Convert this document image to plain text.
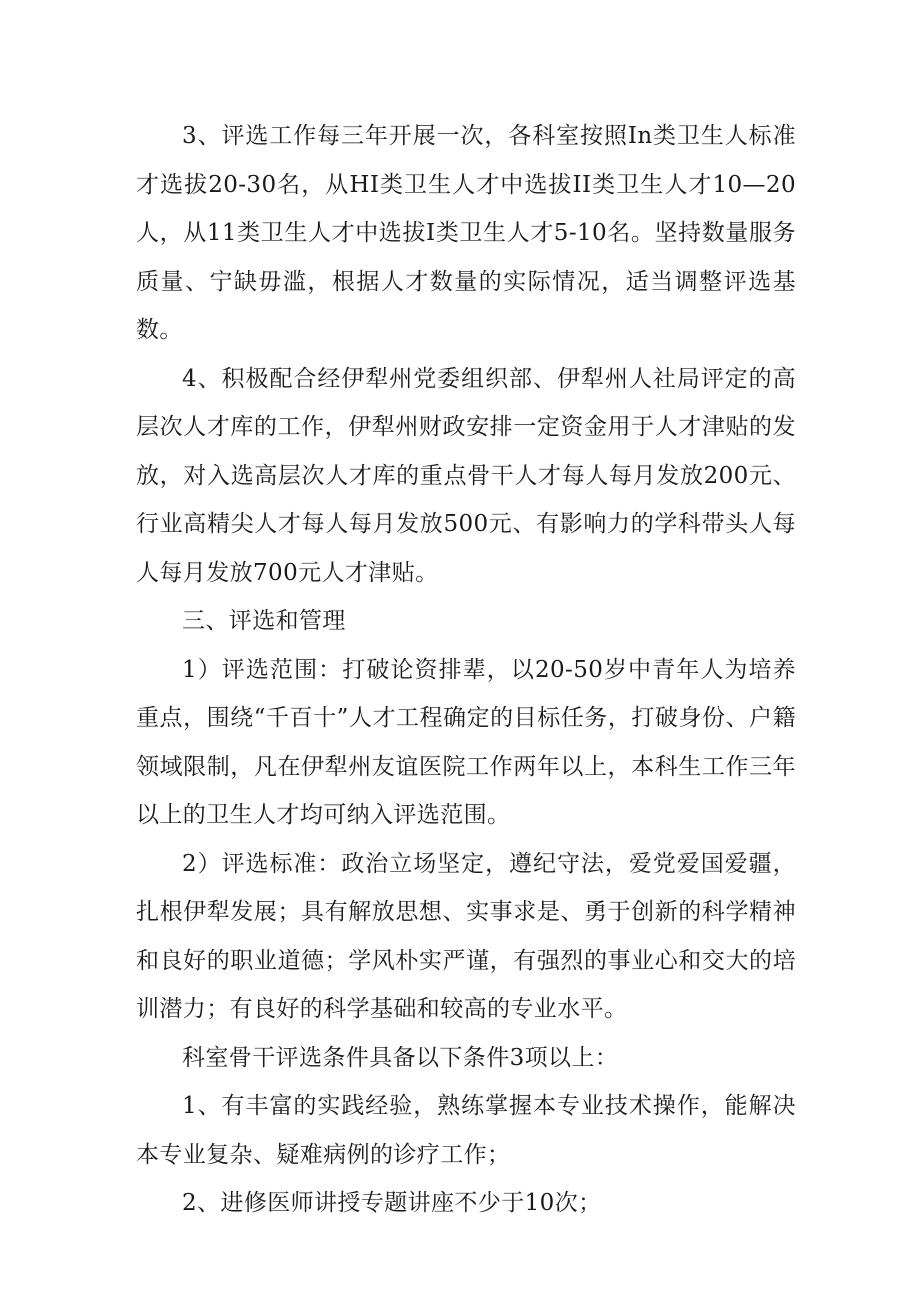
3、评选工作每三年开展一次，各科室按照In类卫生人标准才选拔20-30名，从HI类卫生人才中选拔II类卫生人才10—20人，从11类卫生人才中选拔I类卫生人才5-10名。坚持数量服务质量、宁缺毋滥，根据人才数量的实际情况，适当调整评选基数。

4、积极配合经伊犁州党委组织部、伊犁州人社局评定的高层次人才库的工作，伊犁州财政安排一定资金用于人才津贴的发放，对入选高层次人才库的重点骨干人才每人每月发放200元、行业高精尖人才每人每月发放500元、有影响力的学科带头人每人每月发放700元人才津贴。

三、评选和管理

1）评选范围：打破论资排辈，以20-50岁中青年人为培养重点，围绕“千百十”人才工程确定的目标任务，打破身份、户籍领域限制，凡在伊犁州友谊医院工作两年以上，本科生工作三年以上的卫生人才均可纳入评选范围。

2）评选标准：政治立场坚定，遵纪守法，爱党爱国爱疆，扎根伊犁发展；具有解放思想、实事求是、勇于创新的科学精神和良好的职业道德；学风朴实严谨，有强烈的事业心和交大的培训潜力；有良好的科学基础和较高的专业水平。

科室骨干评选条件具备以下条件3项以上：

1、有丰富的实践经验，熟练掌握本专业技术操作，能解决本专业复杂、疑难病例的诊疗工作；

2、进修医师讲授专题讲座不少于10次；
